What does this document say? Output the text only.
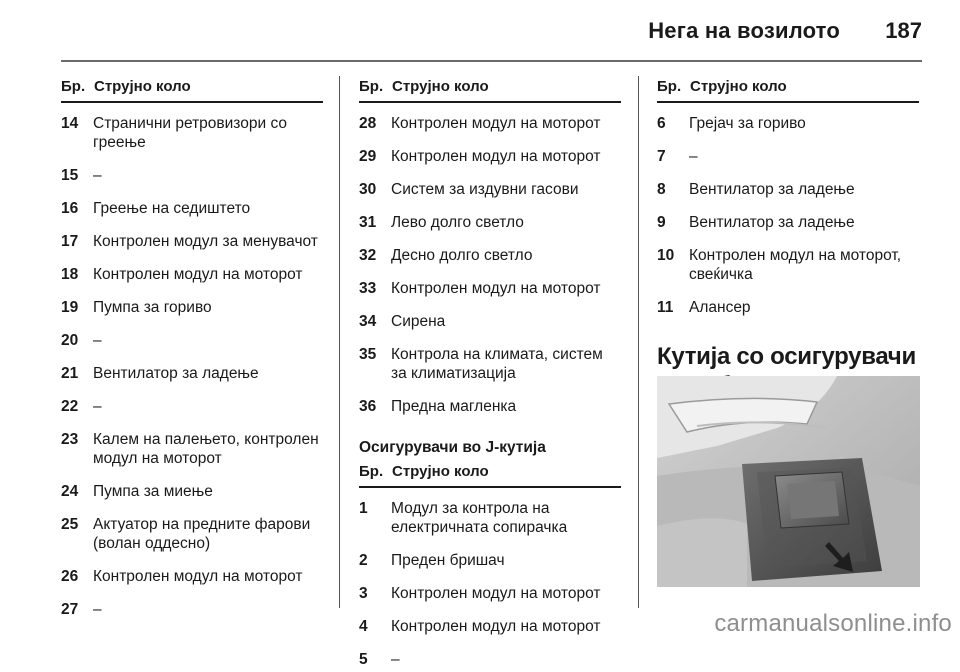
Нега на возилото	187
Бр. Струјно коло
14 Странични ретровизори со греење
15 –
16 Греење на седиштето
17 Контролен модул за менувачот
18 Контролен модул на моторот
19 Пумпа за гориво
20 –
21 Вентилатор за ладење
22 –
23 Калем на палењето, контролен модул на моторот
24 Пумпа за миење
25 Актуатор на предните фарови (волан оддесно)
26 Контролен модул на моторот
27 –
Бр. Струјно коло
28 Контролен модул на моторот
29 Контролен модул на моторот
30 Систем за издувни гасови
31 Лево долго светло
32 Десно долго светло
33 Контролен модул на моторот
34 Сирена
35 Контрола на климата, систем за климатизација
36 Предна магленка
Осигурувачи во J-кутија
Бр. Струјно коло
1	Модул за контрола на електричната сопирачка
2	Преден бришач
3	Контролен модул на моторот
4	Контролен модул на моторот
5	–
Бр. Струјно коло
6	Грејач за гориво
7	–
8	Вентилатор за ладење
9	Вентилатор за ладење
10 Контролен модул на моторот, свеќичка
11	Алансер
Кутија со осигурувачи
carmanualsonline.info
